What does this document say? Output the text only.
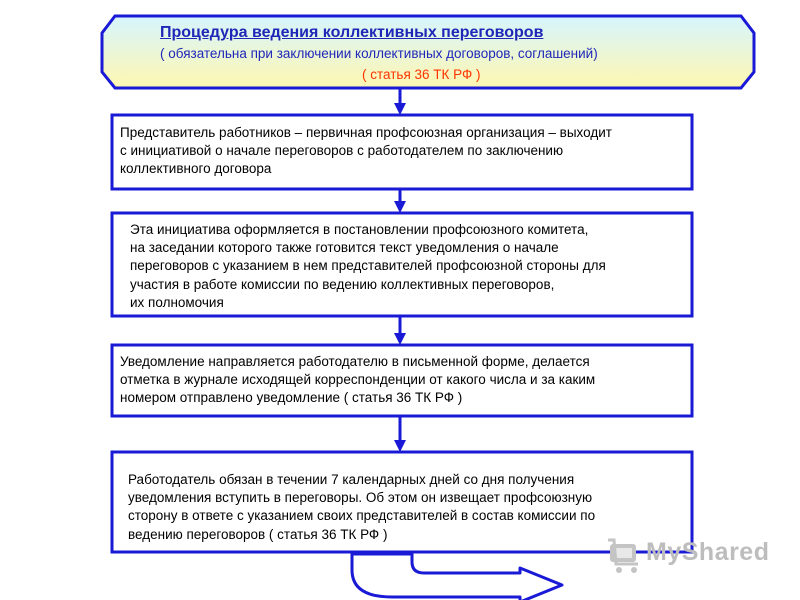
Процедура ведения коллективных переговоров
( обязательна при заключении коллективных договоров, соглашений)
( статья 36 ТК РФ )
Представитель работников – первичная профсоюзная организация – выходит
с инициативой о начале переговоров с работодателем по заключению
коллективного договора
Эта инициатива оформляется в постановлении профсоюзного комитета,
на заседании которого также готовится текст уведомления о начале
переговоров с указанием в нем представителей профсоюзной стороны для
участия в работе комиссии по ведению коллективных переговоров,
их полномочия
Уведомление направляется работодателю в письменной форме, делается
отметка в журнале исходящей корреспонденции от какого числа и за каким
номером отправлено уведомление ( статья 36 ТК РФ )
Работодатель обязан в течении 7 календарных дней со дня получения
уведомления вступить в переговоры. Об этом он извещает профсоюзную
сторону в ответе с указанием своих представителей в состав комиссии по
ведению переговоров ( статья 36 ТК РФ )
MyShared
